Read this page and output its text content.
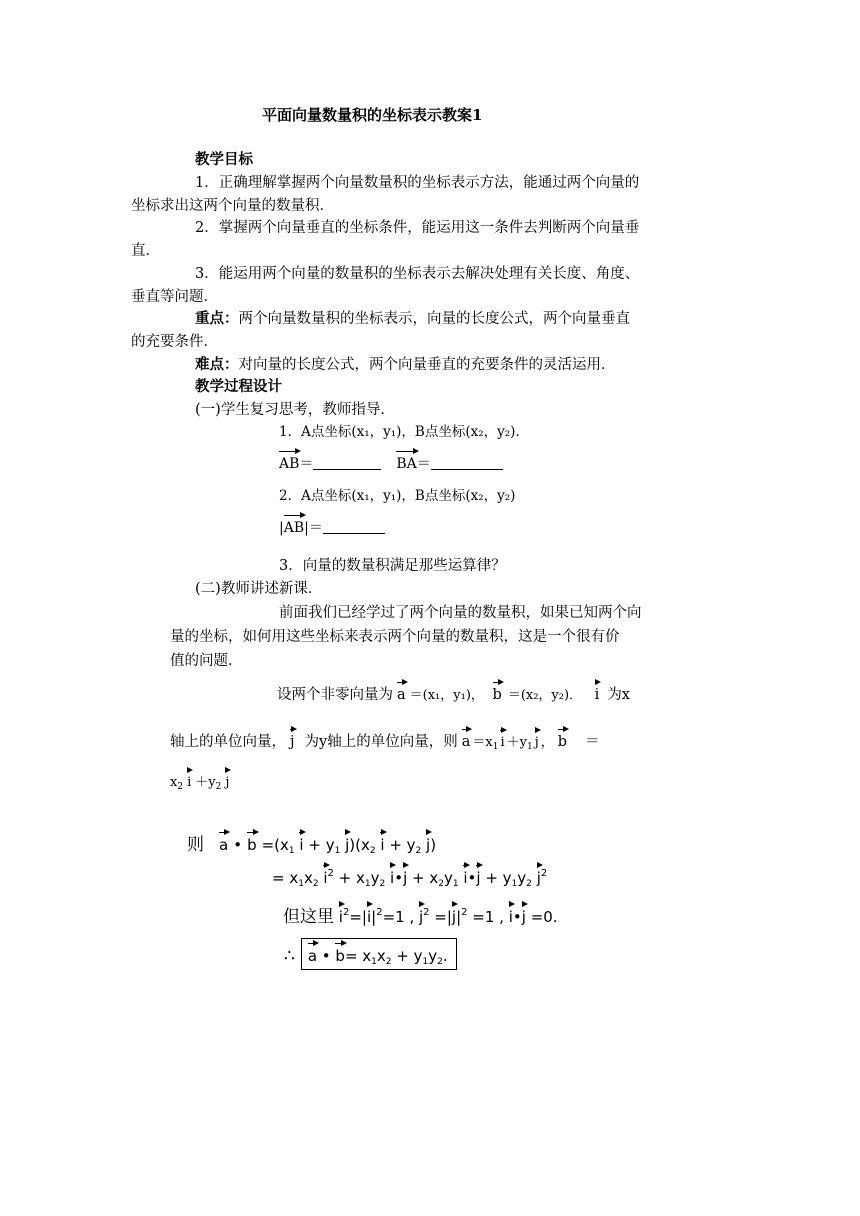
平面向量数量积的坐标表示教案1
教学目标
1．正确理解掌握两个向量数量积的坐标表示方法，能通过两个向量的
坐标求出这两个向量的数量积．
2．掌握两个向量垂直的坐标条件，能运用这一条件去判断两个向量垂
直．
3．能运用两个向量的数量积的坐标表示去解决处理有关长度、角度、
垂直等问题．
重点：两个向量数量积的坐标表示，向量的长度公式，两个向量垂直
的充要条件．
难点：对向量的长度公式，两个向量垂直的充要条件的灵活运用．
教学过程设计
(一)学生复习思考，教师指导．
1．A点坐标(x₁，y₁)，B点坐标(x₂，y₂)．
AB＝	BA＝
2．A点坐标(x₁，y₁)，B点坐标(x₂，y₂)
|AB|＝
3．向量的数量积满足那些运算律？
(二)教师讲述新课．
前面我们已经学过了两个向量的数量积，如果已知两个向
量的坐标，如何用这些坐标来表示两个向量的数量积，这是一个很有价
值的问题．
设两个非零向量为 a ＝(x₁，y₁)， b ＝(x₂，y₂)． i 为x
轴上的单位向量， j 为y轴上的单位向量，则 $a =x_1$ $i +y_1$ j ， b ＝
$x_2$ $i +y_2$ j
则 a • $b =(x_1$ $i + y_1$ $j)(x_2$ $i + y_2$ j)
= $x_1x_2$ $i^2 + x_1y_2$ i•j + $x_2y_1$ i•j + $y_1y_2$ $j^2$
但这里 $i^2=|i|^2=1$ , $j^2 =|j|^2 =1$ , i•j =0.
∴ a • $b= x_1x_2 + y_1y_2$.
